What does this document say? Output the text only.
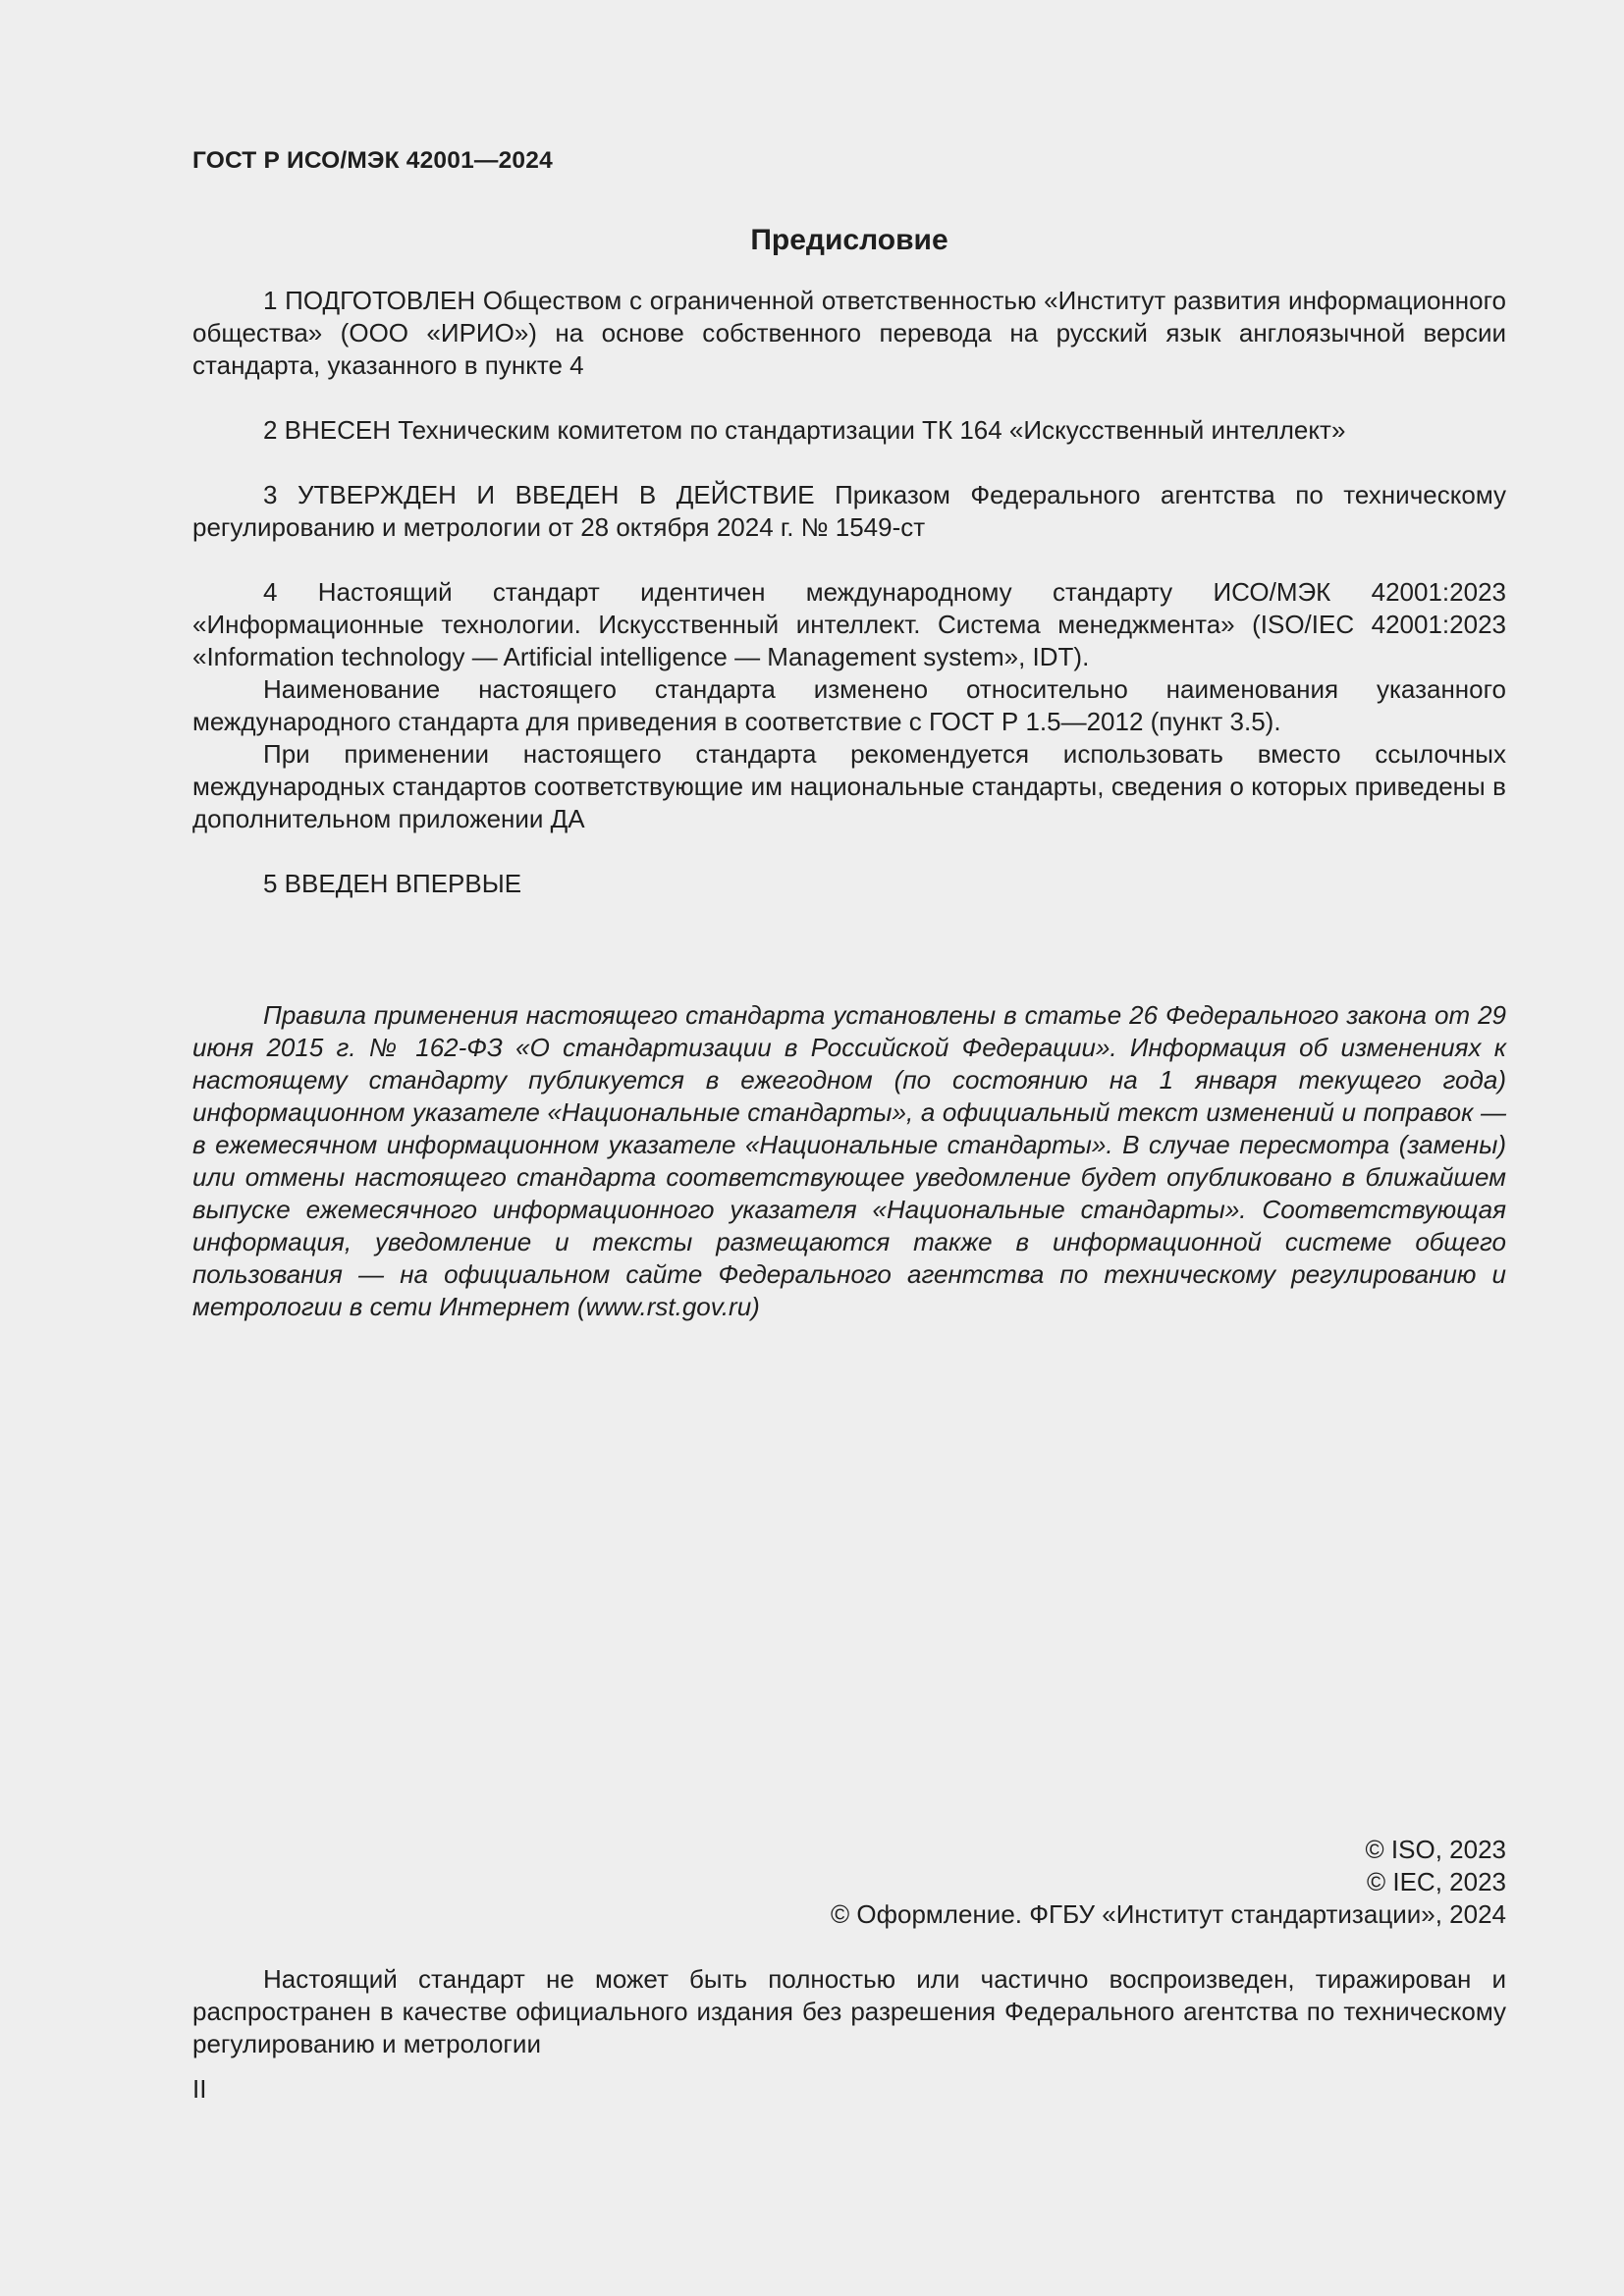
ГОСТ Р ИСО/МЭК 42001—2024
Предисловие

1 ПОДГОТОВЛЕН Обществом с ограниченной ответственностью «Институт развития информационного общества» (ООО «ИРИО») на основе собственного перевода на русский язык англоязычной версии стандарта, указанного в пункте 4

2 ВНЕСЕН Техническим комитетом по стандартизации ТК 164 «Искусственный интеллект»

3 УТВЕРЖДЕН И ВВЕДЕН В ДЕЙСТВИЕ Приказом Федерального агентства по техническому регулированию и метрологии от 28 октября 2024 г. № 1549-ст

4 Настоящий стандарт идентичен международному стандарту ИСО/МЭК 42001:2023 «Информационные технологии. Искусственный интеллект. Система менеджмента» (ISO/IEC 42001:2023 «Information technology — Artificial intelligence — Management system», IDT).

Наименование настоящего стандарта изменено относительно наименования указанного международного стандарта для приведения в соответствие с ГОСТ Р 1.5—2012 (пункт 3.5).

При применении настоящего стандарта рекомендуется использовать вместо ссылочных международных стандартов соответствующие им национальные стандарты, сведения о которых приведены в дополнительном приложении ДА

5 ВВЕДЕН ВПЕРВЫЕ

Правила применения настоящего стандарта установлены в статье 26 Федерального закона от 29 июня 2015 г. № 162-ФЗ «О стандартизации в Российской Федерации». Информация об изменениях к настоящему стандарту публикуется в ежегодном (по состоянию на 1 января текущего года) информационном указателе «Национальные стандарты», а официальный текст изменений и поправок — в ежемесячном информационном указателе «Национальные стандарты». В случае пересмотра (замены) или отмены настоящего стандарта соответствующее уведомление будет опубликовано в ближайшем выпуске ежемесячного информационного указателя «Национальные стандарты». Соответствующая информация, уведомление и тексты размещаются также в информационной системе общего пользования — на официальном сайте Федерального агентства по техническому регулированию и метрологии в сети Интернет (www.rst.gov.ru)

© ISO, 2023
© IEC, 2023
© Оформление. ФГБУ «Институт стандартизации», 2024

Настоящий стандарт не может быть полностью или частично воспроизведен, тиражирован и распространен в качестве официального издания без разрешения Федерального агентства по техническому регулированию и метрологии

II
